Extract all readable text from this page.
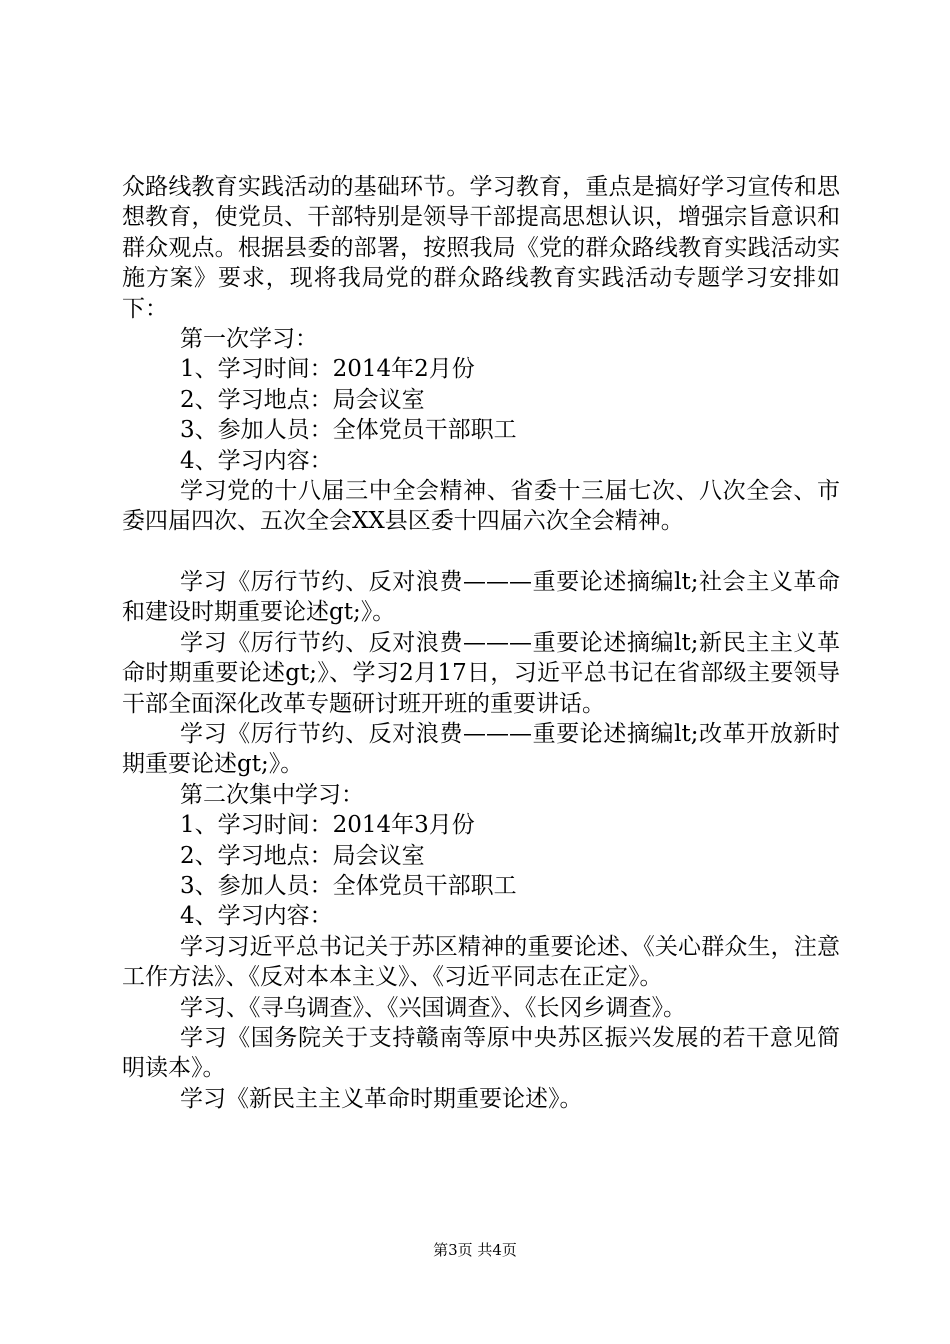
众路线教育实践活动的基础环节。学习教育，重点是搞好学习宣传和思想教育，使党员、干部特别是领导干部提高思想认识，增强宗旨意识和群众观点。根据县委的部署，按照我局《党的群众路线教育实践活动实施方案》要求，现将我局党的群众路线教育实践活动专题学习安排如下：

第一次学习：

1、学习时间：2014年2月份

2、学习地点：局会议室

3、参加人员：全体党员干部职工

4、学习内容：

学习党的十八届三中全会精神、省委十三届七次、八次全会、市委四届四次、五次全会XX县区委十四届六次全会精神。

学习《厉行节约、反对浪费———重要论述摘编lt;社会主义革命和建设时期重要论述gt;》。

学习《厉行节约、反对浪费———重要论述摘编lt;新民主主义革命时期重要论述gt;》、学习2月17日，习近平总书记在省部级主要领导干部全面深化改革专题研讨班开班的重要讲话。

学习《厉行节约、反对浪费———重要论述摘编lt;改革开放新时期重要论述gt;》。

第二次集中学习：

1、学习时间：2014年3月份

2、学习地点：局会议室

3、参加人员：全体党员干部职工

4、学习内容：

学习习近平总书记关于苏区精神的重要论述、《关心群众生，注意工作方法》、《反对本本主义》、《习近平同志在正定》。

学习、《寻乌调查》、《兴国调查》、《长冈乡调查》。

学习《国务院关于支持赣南等原中央苏区振兴发展的若干意见简明读本》。

学习《新民主主义革命时期重要论述》。

第3页 共4页
